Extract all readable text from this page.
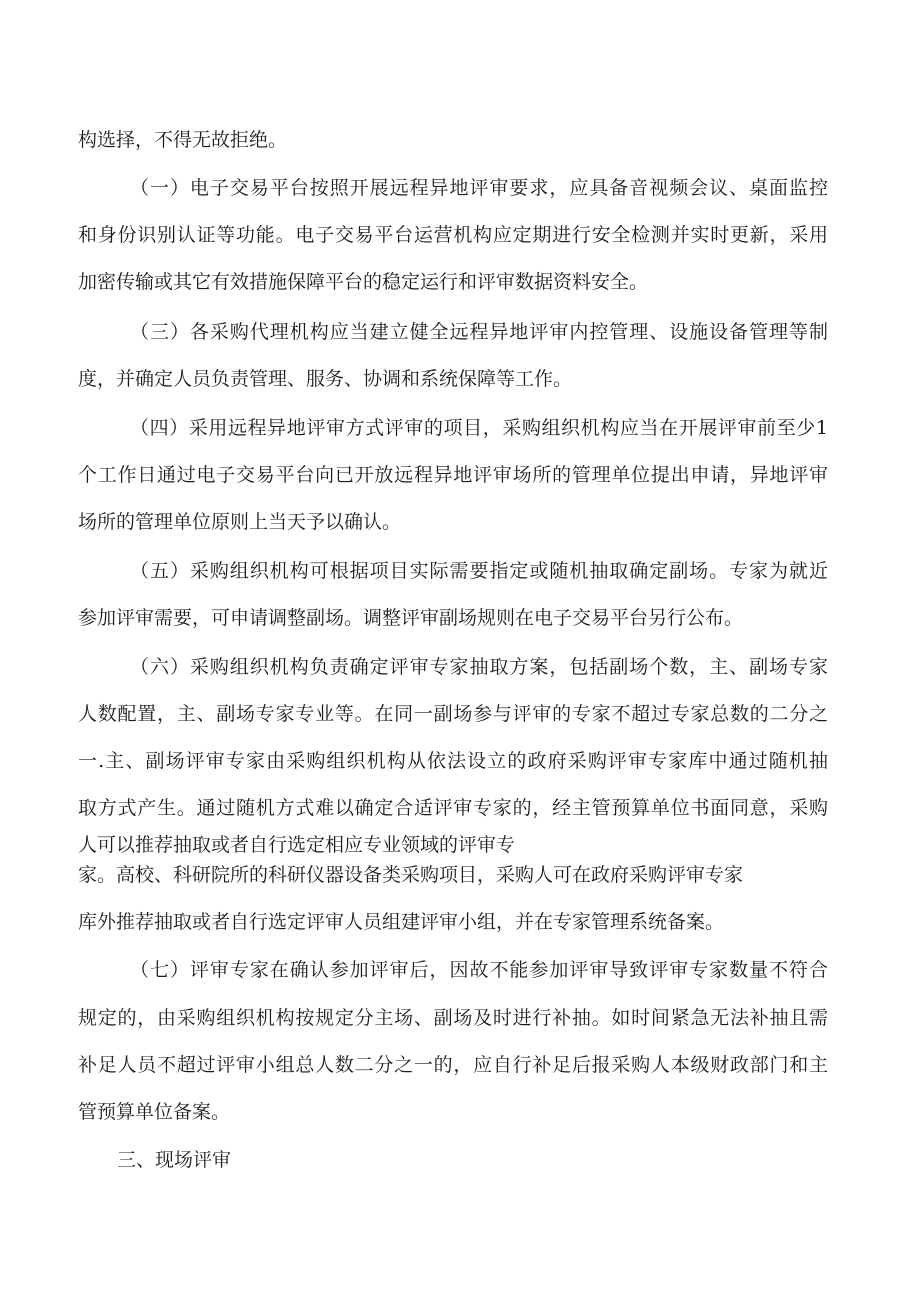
构选择，不得无故拒绝。
（一）电子交易平台按照开展远程异地评审要求，应具备音视频会议、桌面监控
和身份识别认证等功能。电子交易平台运营机构应定期进行安全检测并实时更新，采用
加密传输或其它有效措施保障平台的稳定运行和评审数据资料安全。
（三）各采购代理机构应当建立健全远程异地评审内控管理、设施设备管理等制
度，并确定人员负责管理、服务、协调和系统保障等工作。
（四）采用远程异地评审方式评审的项目，采购组织机构应当在开展评审前至少1
个工作日通过电子交易平台向已开放远程异地评审场所的管理单位提出申请，异地评审
场所的管理单位原则上当天予以确认。
（五）采购组织机构可根据项目实际需要指定或随机抽取确定副场。专家为就近
参加评审需要，可申请调整副场。调整评审副场规则在电子交易平台另行公布。
（六）采购组织机构负责确定评审专家抽取方案，包括副场个数，主、副场专家
人数配置，主、副场专家专业等。在同一副场参与评审的专家不超过专家总数的二分之
一.主、副场评审专家由采购组织机构从依法设立的政府采购评审专家库中通过随机抽
取方式产生。通过随机方式难以确定合适评审专家的，经主管预算单位书面同意，采购
人可以推荐抽取或者自行选定相应专业领域的评审专
家。高校、科研院所的科研仪器设备类采购项目，采购人可在政府采购评审专家
库外推荐抽取或者自行选定评审人员组建评审小组，并在专家管理系统备案。
（七）评审专家在确认参加评审后，因故不能参加评审导致评审专家数量不符合
规定的，由采购组织机构按规定分主场、副场及时进行补抽。如时间紧急无法补抽且需
补足人员不超过评审小组总人数二分之一的，应自行补足后报采购人本级财政部门和主
管预算单位备案。
三、现场评审
